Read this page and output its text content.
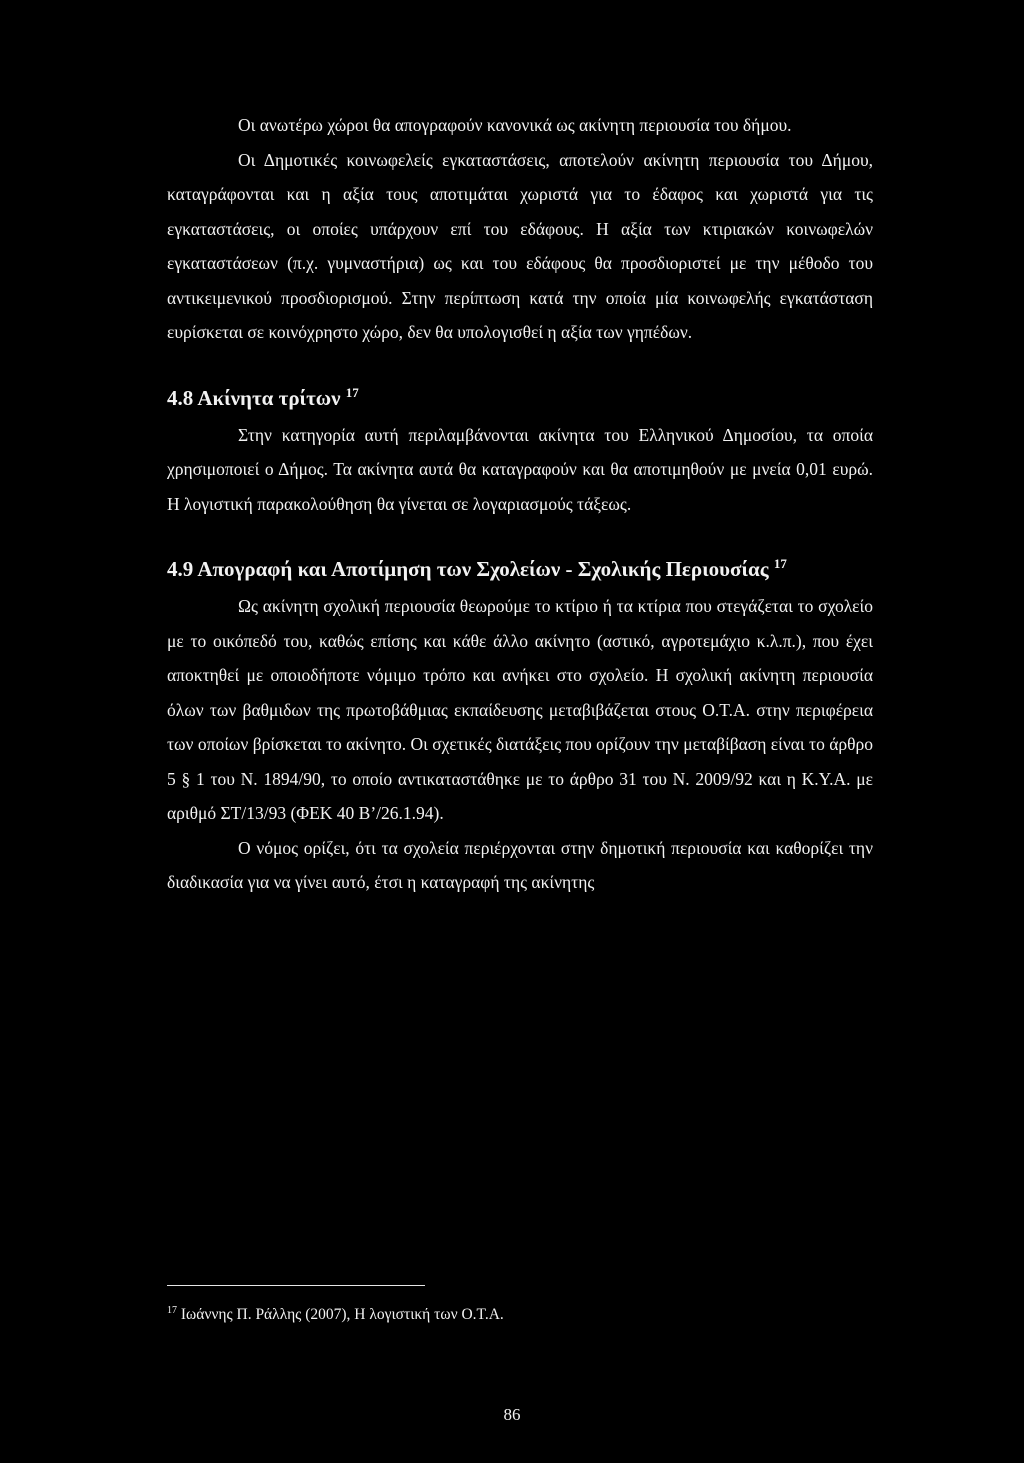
Οι ανωτέρω χώροι θα απογραφούν κανονικά ως ακίνητη περιουσία του δήμου.

Οι Δημοτικές κοινωφελείς εγκαταστάσεις, αποτελούν ακίνητη περιουσία του Δήμου, καταγράφονται και η αξία τους αποτιμάται χωριστά για το έδαφος και χωριστά για τις εγκαταστάσεις, οι οποίες υπάρχουν επί του εδάφους. Η αξία των κτιριακών κοινωφελών εγκαταστάσεων (π.χ. γυμναστήρια) ως και του εδάφους θα προσδιοριστεί με την μέθοδο του αντικειμενικού προσδιορισμού. Στην περίπτωση κατά την οποία μία κοινωφελής εγκατάσταση ευρίσκεται σε κοινόχρηστο χώρο, δεν θα υπολογισθεί η αξία των γηπέδων.

4.8 Ακίνητα τρίτων $^{17}$

Στην κατηγορία αυτή περιλαμβάνονται ακίνητα του Ελληνικού Δημοσίου, τα οποία χρησιμοποιεί ο Δήμος. Τα ακίνητα αυτά θα καταγραφούν και θα αποτιμηθούν με μνεία 0,01 ευρώ. Η λογιστική παρακολούθηση θα γίνεται σε λογαριασμούς τάξεως.

4.9 Απογραφή και Αποτίμηση των Σχολείων - Σχολικής Περιουσίας $^{17}$

Ως ακίνητη σχολική περιουσία θεωρούμε το κτίριο ή τα κτίρια που στεγάζεται το σχολείο με το οικόπεδό του, καθώς επίσης και κάθε άλλο ακίνητο (αστικό, αγροτεμάχιο κ.λ.π.), που έχει αποκτηθεί με οποιοδήποτε νόμιμο τρόπο και ανήκει στο σχολείο. Η σχολική ακίνητη περιουσία όλων των βαθμιδων της πρωτοβάθμιας εκπαίδευσης μεταβιβάζεται στους Ο.Τ.Α. στην περιφέρεια των οποίων βρίσκεται το ακίνητο. Οι σχετικές διατάξεις που ορίζουν την μεταβίβαση είναι το άρθρο 5 § 1 του Ν. 1894/90, το οποίο αντικαταστάθηκε με το άρθρο 31 του Ν. 2009/92 και η Κ.Υ.Α. με αριθμό ΣΤ/13/93 (ΦΕΚ 40 Β’/26.1.94).

Ο νόμος ορίζει, ότι τα σχολεία περιέρχονται στην δημοτική περιουσία και καθορίζει την διαδικασία για να γίνει αυτό, έτσι η καταγραφή της ακίνητης

$^{17}$ Ιωάννης Π. Ράλλης (2007), Η λογιστική των Ο.Τ.Α.
86
